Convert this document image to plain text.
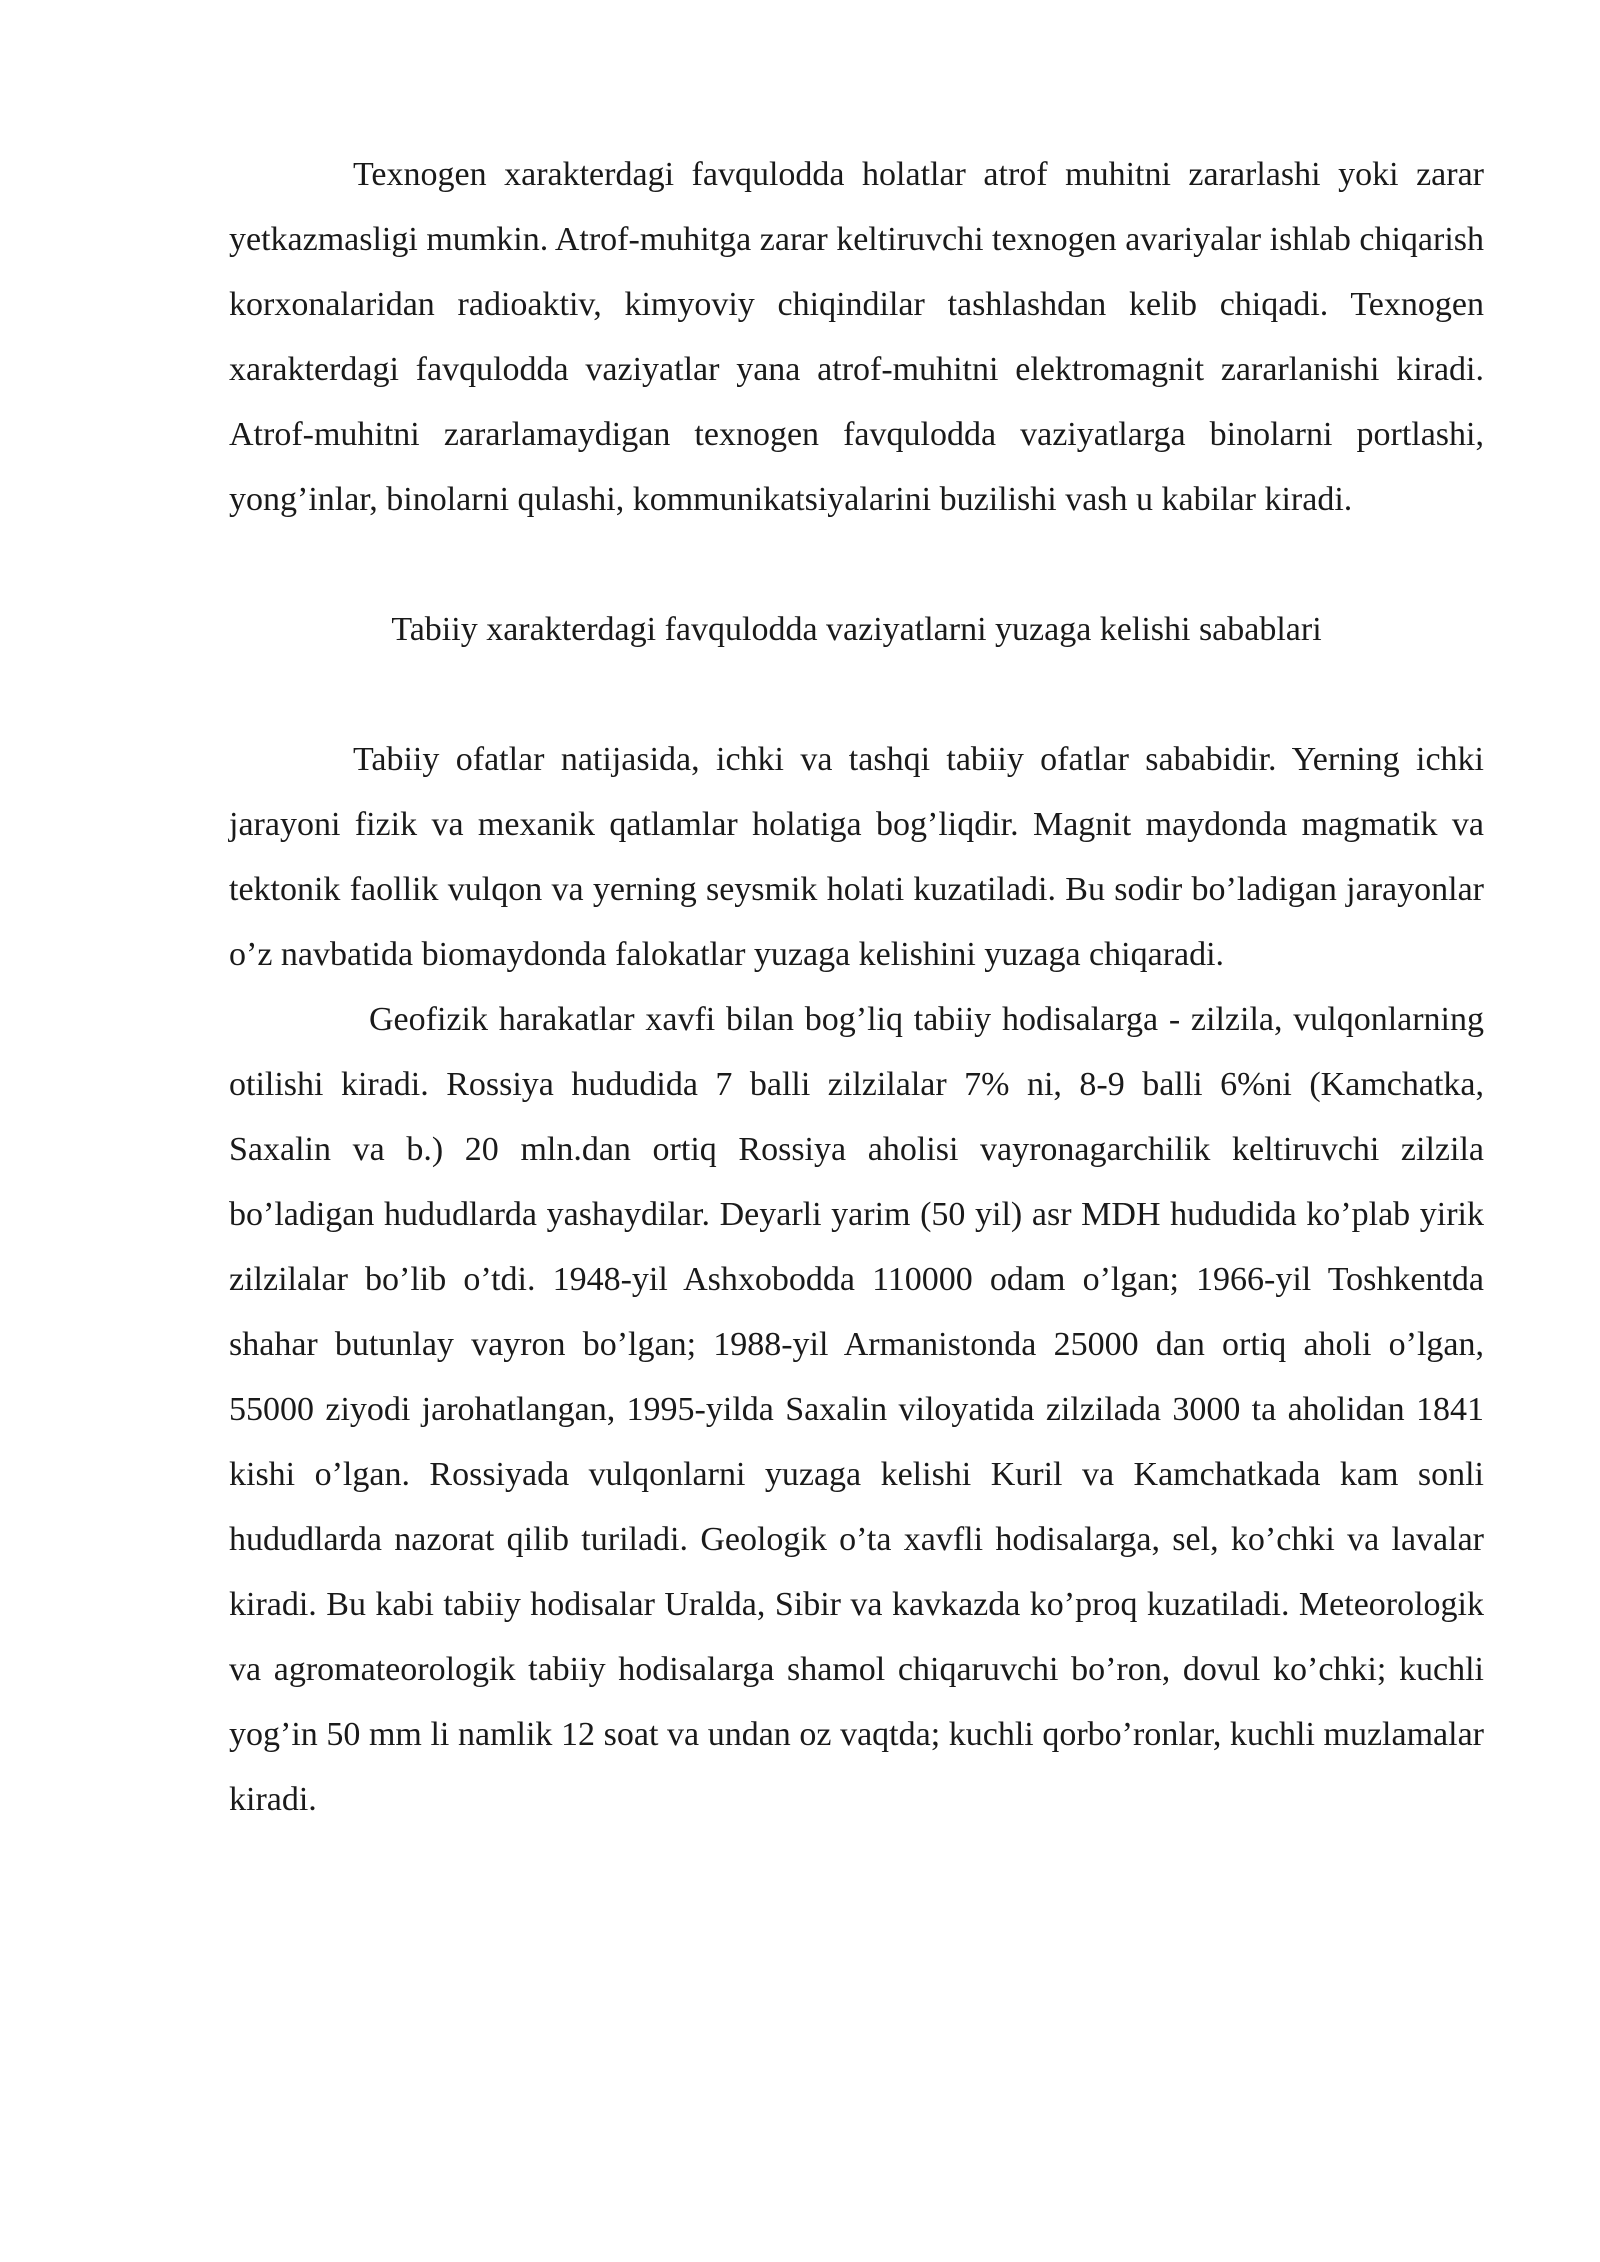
Texnogen xarakterdagi favqulodda holatlar atrof muhitni zararlashi yoki zarar yetkazmasligi mumkin. Atrof-muhitga zarar keltiruvchi texnogen avariyalar ishlab chiqarish korxonalaridan radioaktiv, kimyoviy chiqindilar tashlashdan kelib chiqadi. Texnogen xarakterdagi favqulodda vaziyatlar yana atrof-muhitni elektromagnit zararlanishi kiradi. Atrof-muhitni zararlamaydigan texnogen favqulodda vaziyatlarga binolarni portlashi, yong’inlar, binolarni qulashi, kommunikatsiyalarini buzilishi vash u kabilar kiradi.

Tabiiy xarakterdagi favqulodda vaziyatlarni yuzaga kelishi sabablari

Tabiiy ofatlar natijasida, ichki va tashqi tabiiy ofatlar sababidir. Yerning ichki jarayoni fizik va mexanik qatlamlar holatiga bog’liqdir. Magnit maydonda magmatik va tektonik faollik vulqon va yerning seysmik holati kuzatiladi. Bu sodir bo’ladigan jarayonlar o’z navbatida biomaydonda falokatlar yuzaga kelishini yuzaga chiqaradi.

Geofizik harakatlar xavfi bilan bog’liq tabiiy hodisalarga - zilzila, vulqonlarning otilishi kiradi. Rossiya hududida 7 balli zilzilalar 7% ni, 8-9 balli 6%ni (Kamchatka, Saxalin va b.) 20 mln.dan ortiq Rossiya aholisi vayronagarchilik keltiruvchi zilzila bo’ladigan hududlarda yashaydilar. Deyarli yarim (50 yil) asr MDH hududida ko’plab yirik zilzilalar bo’lib o’tdi. 1948-yil Ashxobodda 110000 odam o’lgan; 1966-yil Toshkentda shahar butunlay vayron bo’lgan; 1988-yil Armanistonda 25000 dan ortiq aholi o’lgan, 55000 ziyodi jarohatlangan, 1995-yilda Saxalin viloyatida zilzilada 3000 ta aholidan 1841 kishi o’lgan. Rossiyada vulqonlarni yuzaga kelishi Kuril va Kamchatkada kam sonli hududlarda nazorat qilib turiladi. Geologik o’ta xavfli hodisalarga, sel, ko’chki va lavalar kiradi. Bu kabi tabiiy hodisalar Uralda, Sibir va kavkazda ko’proq kuzatiladi. Meteorologik va agromateorologik tabiiy hodisalarga shamol chiqaruvchi bo’ron, dovul ko’chki; kuchli yog’in 50 mm li namlik 12 soat va undan oz vaqtda; kuchli qorbo’ronlar, kuchli muzlamalar kiradi.
